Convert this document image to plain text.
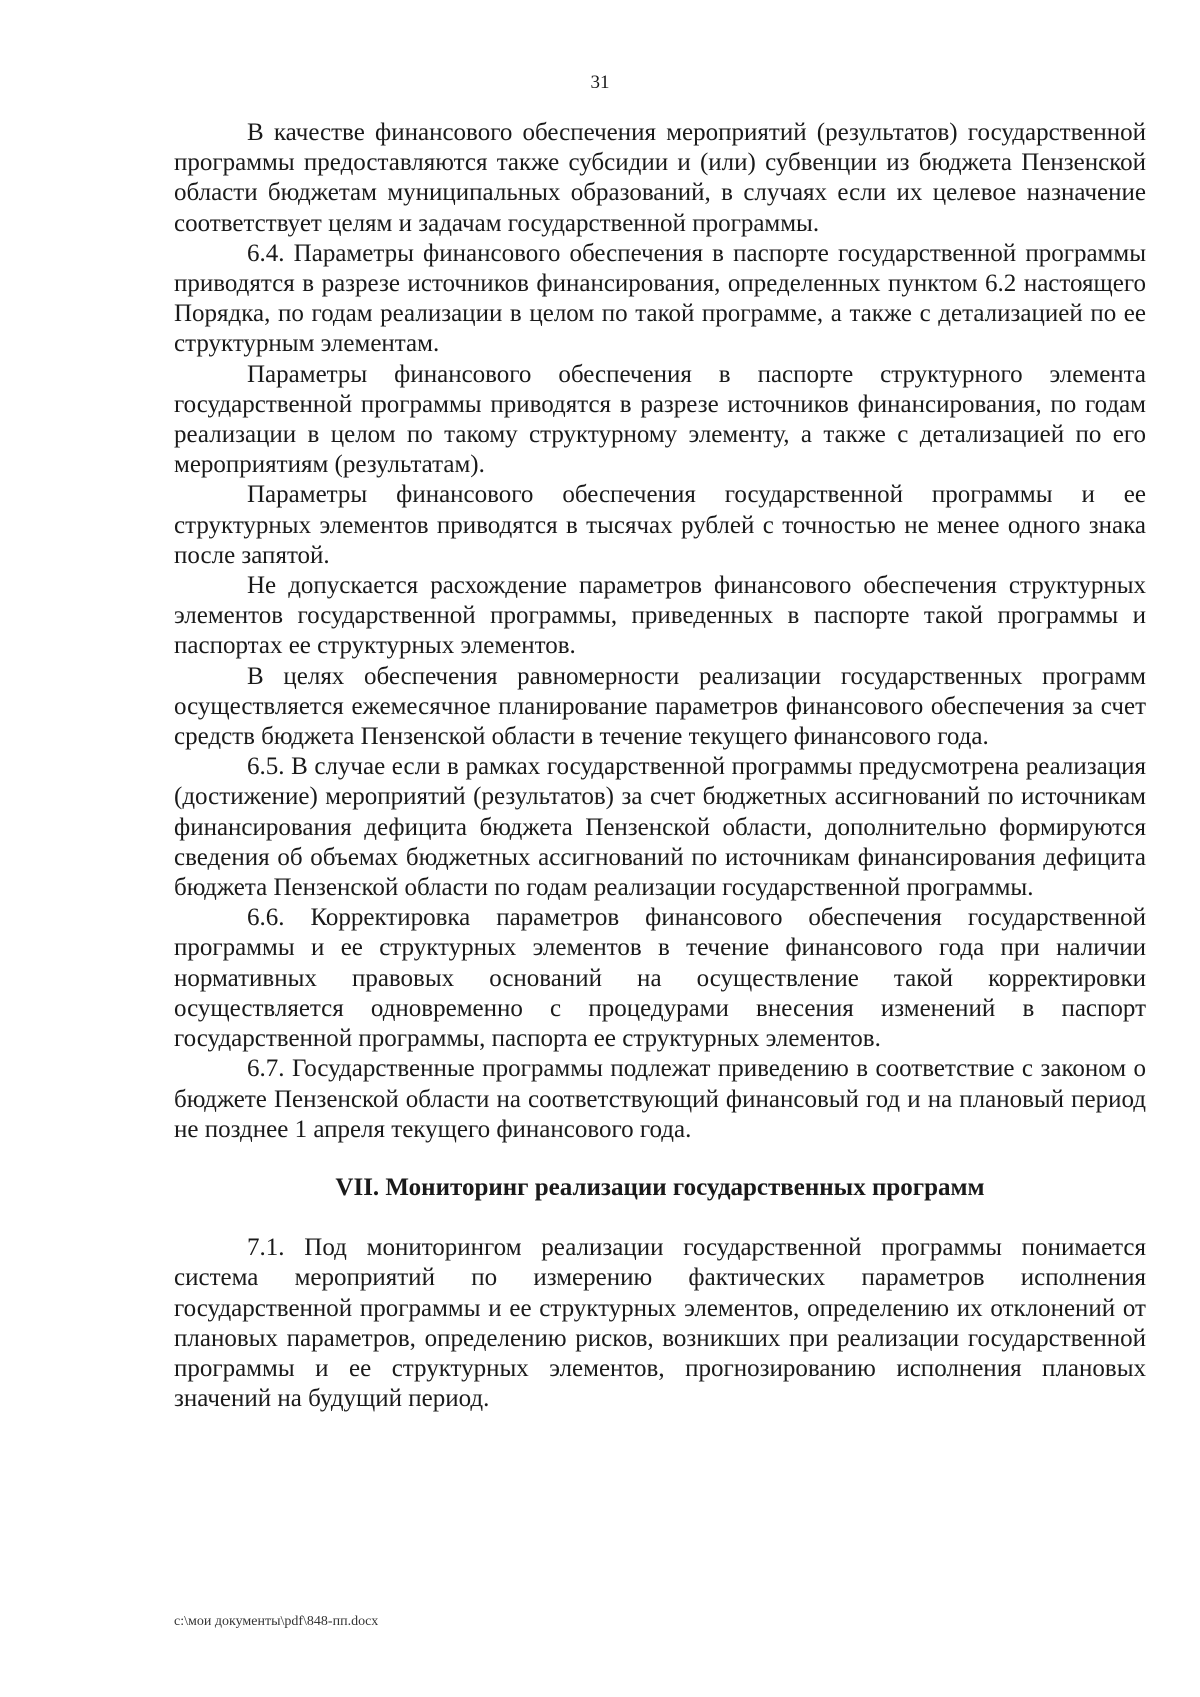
31

В качестве финансового обеспечения мероприятий (результатов) государственной программы предоставляются также субсидии и (или) субвенции из бюджета Пензенской области бюджетам муниципальных образований, в случаях если их целевое назначение соответствует целям и задачам государственной программы.

6.4. Параметры финансового обеспечения в паспорте государственной программы приводятся в разрезе источников финансирования, определенных пунктом 6.2 настоящего Порядка, по годам реализации в целом по такой программе, а также с детализацией по ее структурным элементам.

Параметры финансового обеспечения в паспорте структурного элемента государственной программы приводятся в разрезе источников финансирования, по годам реализации в целом по такому структурному элементу, а также с детализацией по его мероприятиям (результатам).

Параметры финансового обеспечения государственной программы и ее структурных элементов приводятся в тысячах рублей с точностью не менее одного знака после запятой.

Не допускается расхождение параметров финансового обеспечения структурных элементов государственной программы, приведенных в паспорте такой программы и паспортах ее структурных элементов.

В целях обеспечения равномерности реализации государственных программ осуществляется ежемесячное планирование параметров финансового обеспечения за счет средств бюджета Пензенской области в течение текущего финансового года.

6.5. В случае если в рамках государственной программы предусмотрена реализация (достижение) мероприятий (результатов) за счет бюджетных ассигнований по источникам финансирования дефицита бюджета Пензенской области, дополнительно формируются сведения об объемах бюджетных ассигнований по источникам финансирования дефицита бюджета Пензенской области по годам реализации государственной программы.

6.6. Корректировка параметров финансового обеспечения государственной программы и ее структурных элементов в течение финансового года при наличии нормативных правовых оснований на осуществление такой корректировки осуществляется одновременно с процедурами внесения изменений в паспорт государственной программы, паспорта ее структурных элементов.

6.7. Государственные программы подлежат приведению в соответствие с законом о бюджете Пензенской области на соответствующий финансовый год и на плановый период не позднее 1 апреля текущего финансового года.

VII. Мониторинг реализации государственных программ

7.1. Под мониторингом реализации государственной программы понимается система мероприятий по измерению фактических параметров исполнения государственной программы и ее структурных элементов, определению их отклонений от плановых параметров, определению рисков, возникших при реализации государственной программы и ее структурных элементов, прогнозированию исполнения плановых значений на будущий период.

c:\мои документы\pdf\848-пп.docx
